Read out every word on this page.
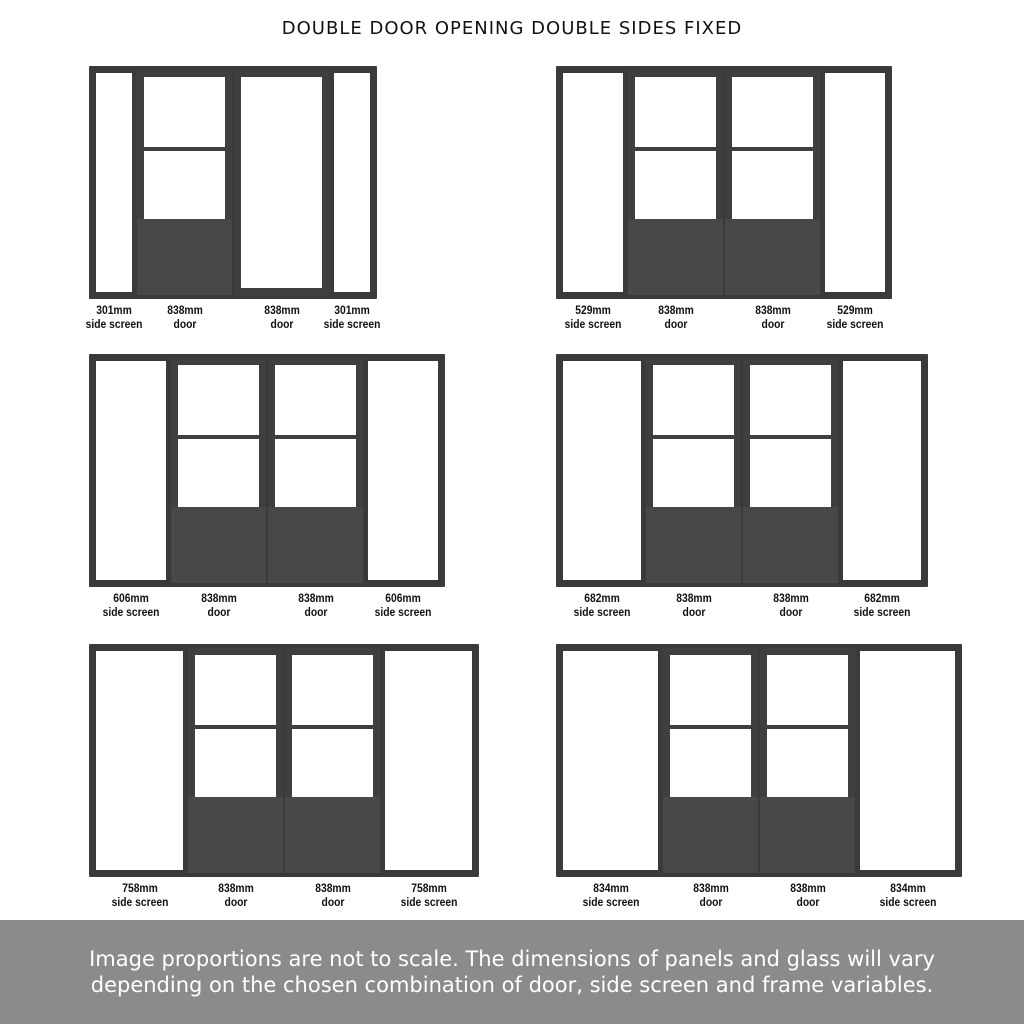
DOUBLE DOOR OPENING DOUBLE SIDES FIXED
301mm
side screen
838mm
door
838mm
door
301mm
side screen
529mm
side screen
838mm
door
838mm
door
529mm
side screen
606mm
side screen
838mm
door
838mm
door
606mm
side screen
682mm
side screen
838mm
door
838mm
door
682mm
side screen
758mm
side screen
838mm
door
838mm
door
758mm
side screen
834mm
side screen
838mm
door
838mm
door
834mm
side screen

Image proportions are not to scale. The dimensions of panels and glass will vary depending on the chosen combination of door, side screen and frame variables.
